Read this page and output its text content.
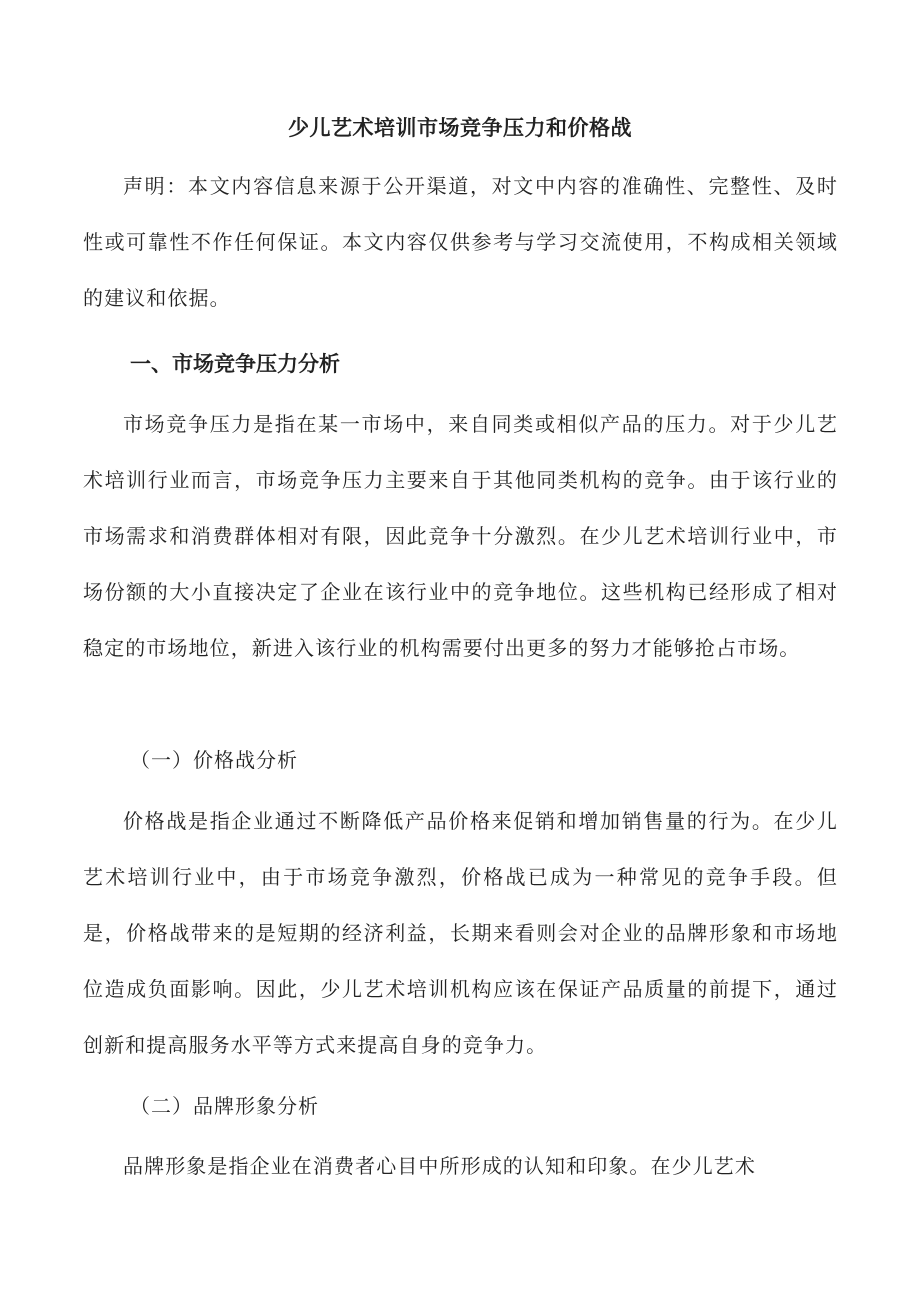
少儿艺术培训市场竞争压力和价格战

声明：本文内容信息来源于公开渠道，对文中内容的准确性、完整性、及时性或可靠性不作任何保证。本文内容仅供参考与学习交流使用，不构成相关领域的建议和依据。

一、市场竞争压力分析

市场竞争压力是指在某一市场中，来自同类或相似产品的压力。对于少儿艺术培训行业而言，市场竞争压力主要来自于其他同类机构的竞争。由于该行业的市场需求和消费群体相对有限，因此竞争十分激烈。在少儿艺术培训行业中，市场份额的大小直接决定了企业在该行业中的竞争地位。这些机构已经形成了相对稳定的市场地位，新进入该行业的机构需要付出更多的努力才能够抢占市场。

（一）价格战分析

价格战是指企业通过不断降低产品价格来促销和增加销售量的行为。在少儿艺术培训行业中，由于市场竞争激烈，价格战已成为一种常见的竞争手段。但是，价格战带来的是短期的经济利益，长期来看则会对企业的品牌形象和市场地位造成负面影响。因此，少儿艺术培训机构应该在保证产品质量的前提下，通过创新和提高服务水平等方式来提高自身的竞争力。

（二）品牌形象分析

品牌形象是指企业在消费者心目中所形成的认知和印象。在少儿艺术
